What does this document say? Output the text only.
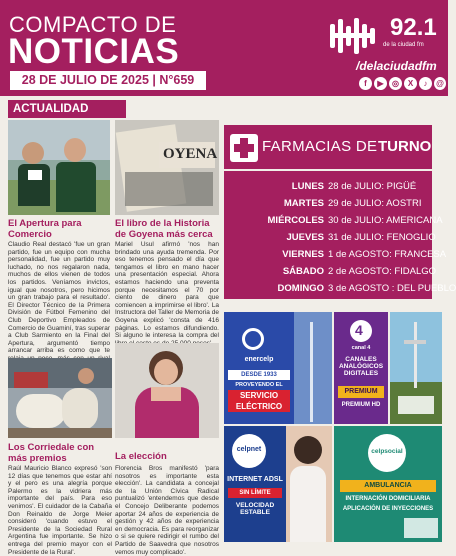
COMPACTO DE
NOTICIAS
28 DE JULIO DE 2025 | N°659
92.1
de la ciudad fm
/delaciudadfm
f	▶	◎	X	♪	@
ACTUALIDAD
El Apertura para Comercio
Claudio Real destacó 'fue un gran partido, fue un equipo con mucha personalidad, fue un partido muy luchado, no nos regalaron nada, muchos de ellos vienen de todos los partidos. Veníamos invictos, igual que nosotros, pero hicimos un gran trabajo para el resultado'. El Director Técnico de la Primera División de Fútbol Femenino del Club Deportivo Empleados de Comercio de Guaminí, tras superar a Club Sarmiento en la Final del Apertura, argumentó tiempo arrancar arriba es como que te
OYENA
El libro de la Historia de Goyena más cerca
Mariel Usul afirmó 'nos han brindado una ayuda tremenda. Por eso tenemos pensado el día que tengamos el libro en mano hacer una presentación especial. Ahora estamos haciendo una preventa porque necesitamos el 70 por ciento de dinero para que comiencen a imprimirse el libro'. La Instructora del Taller de Memoria de Goyena explicó 'consta de 416 páginas. Lo estamos difundiendo. Si alguno le interesa la compra del
Los Corriedale con más premios
Raúl Mauricio Blanco expresó 'son 12 días que tenemos que estar ahí y el pero es una alegría porque Palermo es la vidriera más importante del país. Para eso venimos'. El cuidador de la Cabaña Don Reinaldo de Jorge Meier consideró 'cuando estuvo el Presidente de la Sociedad Rural Argentina fue importante. Se hizo entrega del premio mayor con el Presidente de la Rural'.
La elección
Florencia Bros manifestó 'para nosotros es importante esta elección'. La candidata a concejal de la Unión Cívica Radical puntualizó 'entendemos que desde el Concejo Deliberante podemos aportar 24 años de experiencia de gestión y 42 años de experiencia en democracia. Es para reorganizar o si se quiere redirigir el rumbo del Partido de Saavedra que nosotros vemos muy complicado'.
FARMACIAS DE TURNO
LUNES 28 de JULIO: PIGÜÉ
MARTES 29 de JULIO: AOSTRI
MIÉRCOLES 30 de JULIO: AMERICANA
JUEVES 31 de JULIO: FENOGLIO
VIERNES 1 de AGOSTO: FRANCESA
SÁBADO 2 de AGOSTO: FIDALGO
DOMINGO 3 de AGOSTO : DEL PUEBLO
enercelp
DESDE 1933
PROVEYENDO EL
SERVICIO ELÉCTRICO
4
canal 4
CANALES ANALÓGICOS DIGITALES
PREMIUM
PREMIUM HD
celpnet
INTERNET ADSL
SIN LÍMITE
VELOCIDAD ESTABLE
celpsocial
AMBULANCIA
INTERNACIÓN DOMICILIARIA
APLICACIÓN DE INYECCIONES
